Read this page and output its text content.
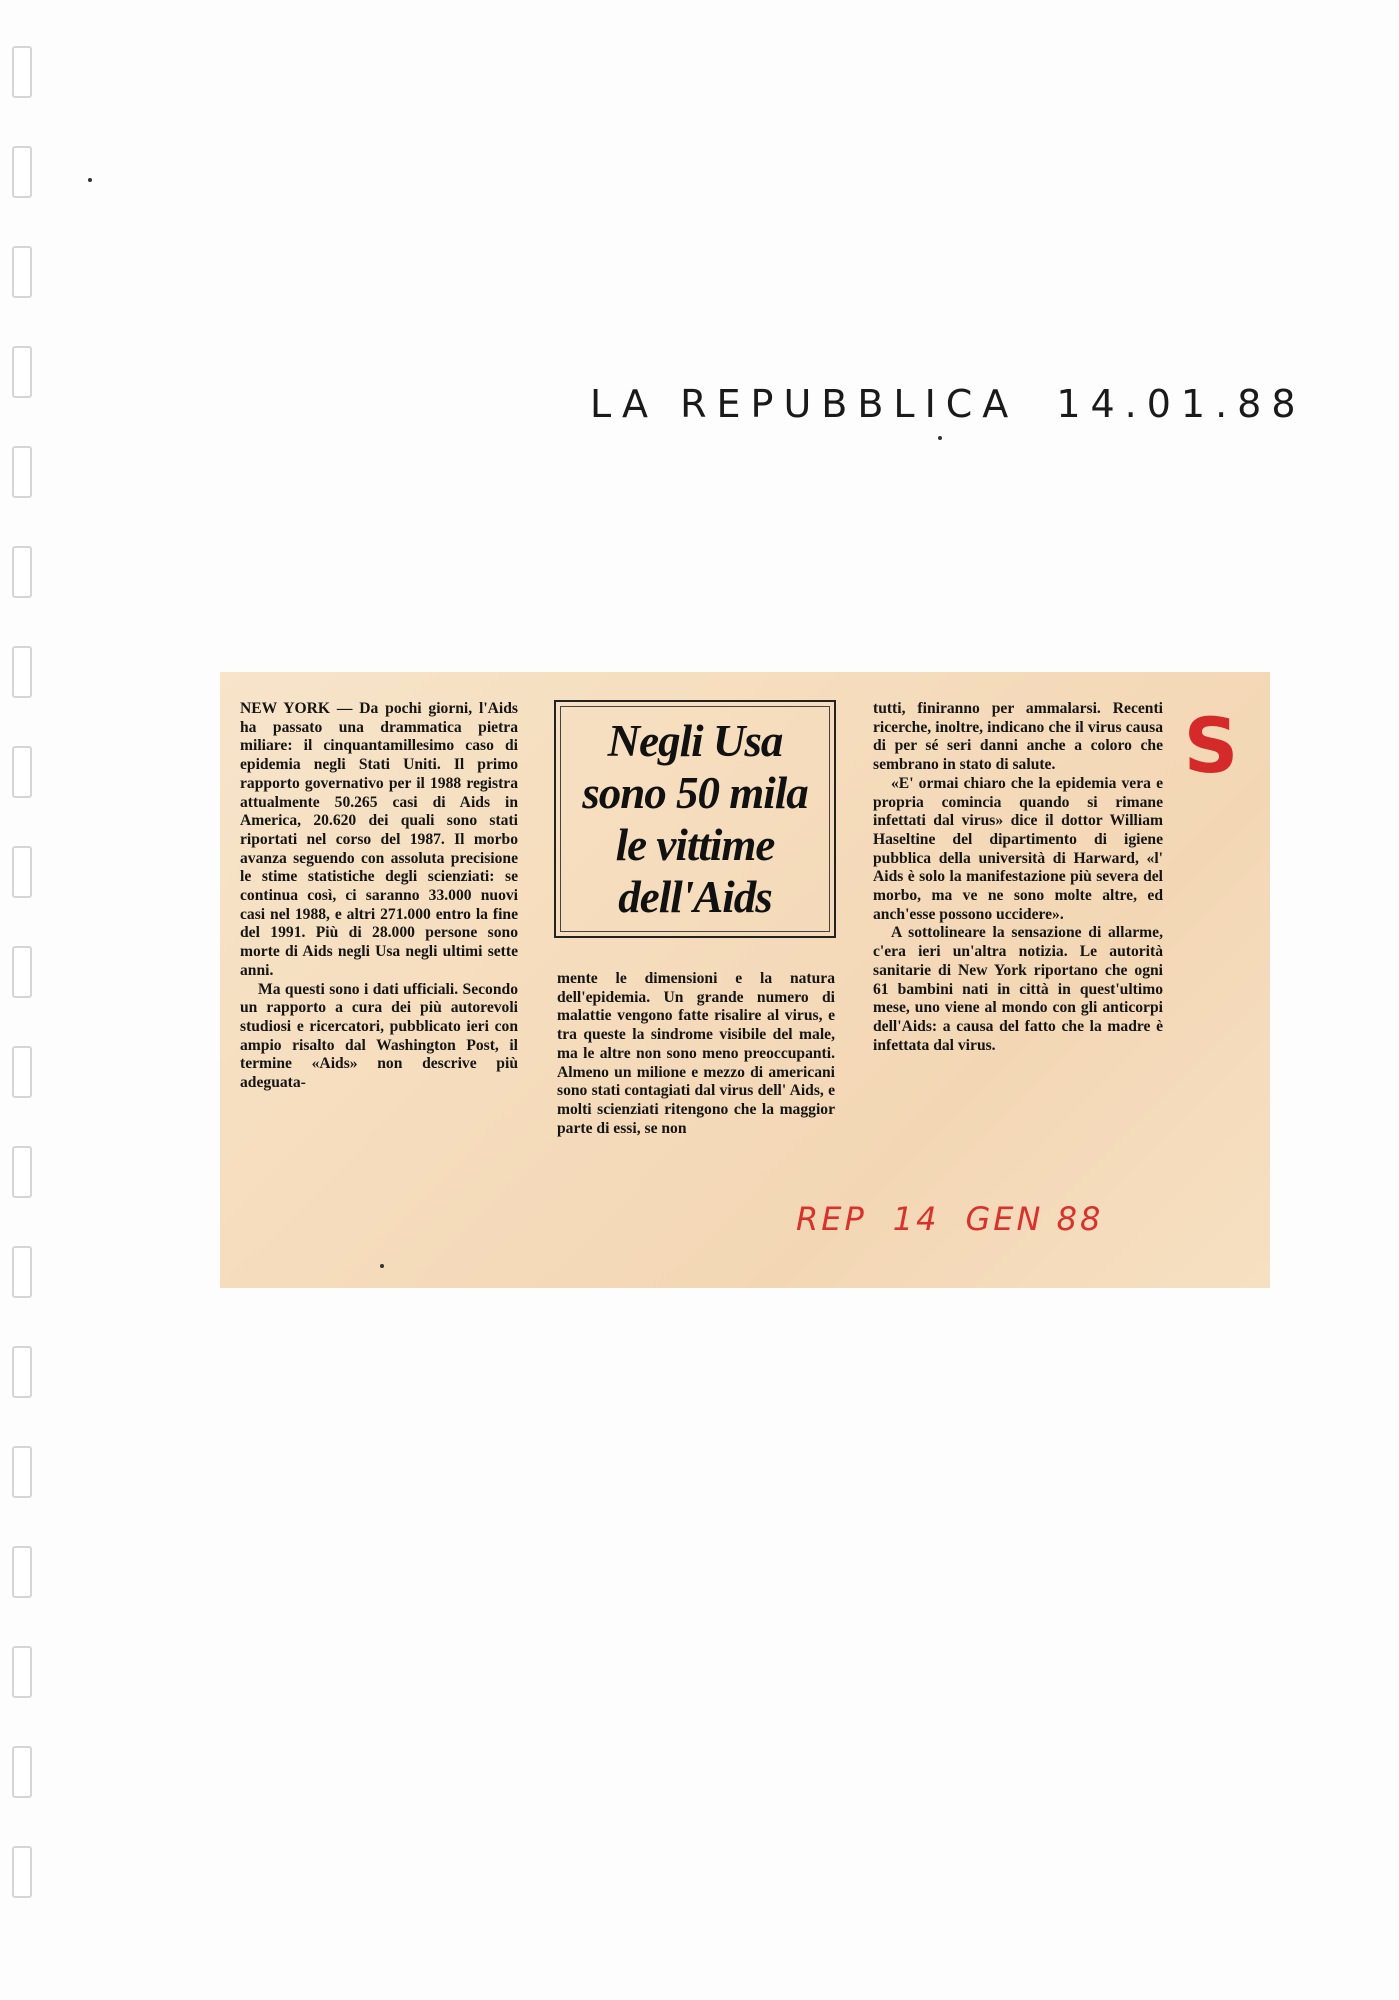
LA REPUBBLICA 14.01.88

NEW YORK — Da pochi giorni, l'Aids ha passato una drammatica pietra miliare: il cinquantamillesimo caso di epidemia negli Stati Uniti. Il primo rapporto governativo per il 1988 registra attualmente 50.265 casi di Aids in America, 20.620 dei quali sono stati riportati nel corso del 1987. Il morbo avanza seguendo con assoluta precisione le stime statistiche degli scienziati: se continua così, ci saranno 33.000 nuovi casi nel 1988, e altri 271.000 entro la fine del 1991. Più di 28.000 persone sono morte di Aids negli Usa negli ultimi sette anni.

Ma questi sono i dati ufficiali. Secondo un rapporto a cura dei più autorevoli studiosi e ricercatori, pubblicato ieri con ampio risalto dal Washington Post, il termine «Aids» non descrive più adeguata-

Negli Usa
sono 50 mila
le vittime
dell'Aids

mente le dimensioni e la natura dell'epidemia. Un grande numero di malattie vengono fatte risalire al virus, e tra queste la sindrome visibile del male, ma le altre non sono meno preoccupanti. Almeno un milione e mezzo di americani sono stati contagiati dal virus dell' Aids, e molti scienziati ritengono che la maggior parte di essi, se non

tutti, finiranno per ammalarsi. Recenti ricerche, inoltre, indicano che il virus causa di per sé seri danni anche a coloro che sembrano in stato di salute.

«E' ormai chiaro che la epidemia vera e propria comincia quando si rimane infettati dal virus» dice il dottor William Haseltine del dipartimento di igiene pubblica della università di Harward, «l' Aids è solo la manifestazione più severa del morbo, ma ve ne sono molte altre, ed anch'esse possono uccidere».

A sottolineare la sensazione di allarme, c'era ieri un'altra notizia. Le autorità sanitarie di New York riportano che ogni 61 bambini nati in città in quest'ultimo mese, uno viene al mondo con gli anticorpi dell'Aids: a causa del fatto che la madre è infettata dal virus.

S
REP 14 GEN 88
